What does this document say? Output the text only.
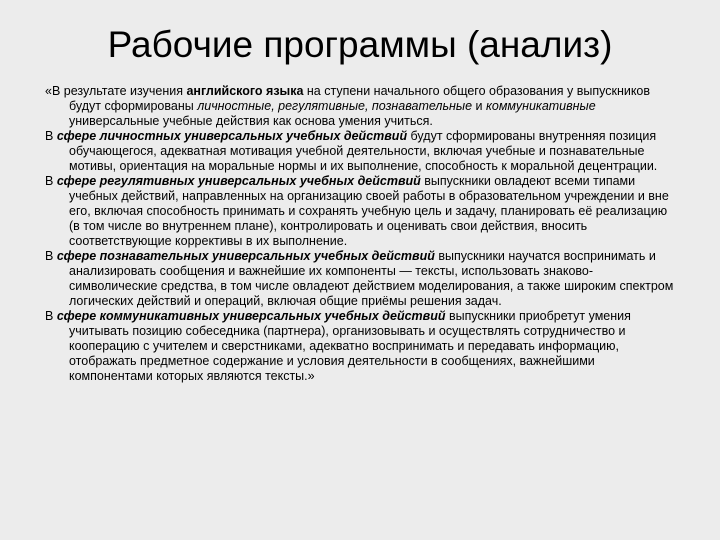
Рабочие программы (анализ)

«В результате изучения английского языка на ступени начального общего образования у выпускников будут сформированы личностные, регулятивные, познавательные и коммуникативные универсальные учебные действия как основа умения учиться.

В сфере личностных универсальных учебных действий будут сформированы внутренняя позиция обучающегося, адекватная мотивация учебной деятельности, включая учебные и познавательные мотивы, ориентация на моральные нормы и их выполнение, способность к моральной децентрации.

В сфере регулятивных универсальных учебных действий выпускники овладеют всеми типами учебных действий, направленных на организацию своей работы в образовательном учреждении и вне его, включая способность принимать и сохранять учебную цель и задачу, планировать её реализацию (в том числе во внутреннем плане), контролировать и оценивать свои действия, вносить соответствующие коррективы в их выполнение.

В сфере познавательных универсальных учебных действий выпускники научатся воспринимать и анализировать сообщения и важнейшие их компоненты — тексты, использовать знаково-символические средства, в том числе овладеют действием моделирования, а также широким спектром логических действий и операций, включая общие приёмы решения задач.

В сфере коммуникативных универсальных учебных действий выпускники приобретут умения учитывать позицию собеседника (партнера), организовывать и осуществлять сотрудничество и кооперацию с учителем и сверстниками, адекватно воспринимать и передавать информацию, отображать предметное содержание и условия деятельности в сообщениях, важнейшими компонентами которых являются тексты.»
